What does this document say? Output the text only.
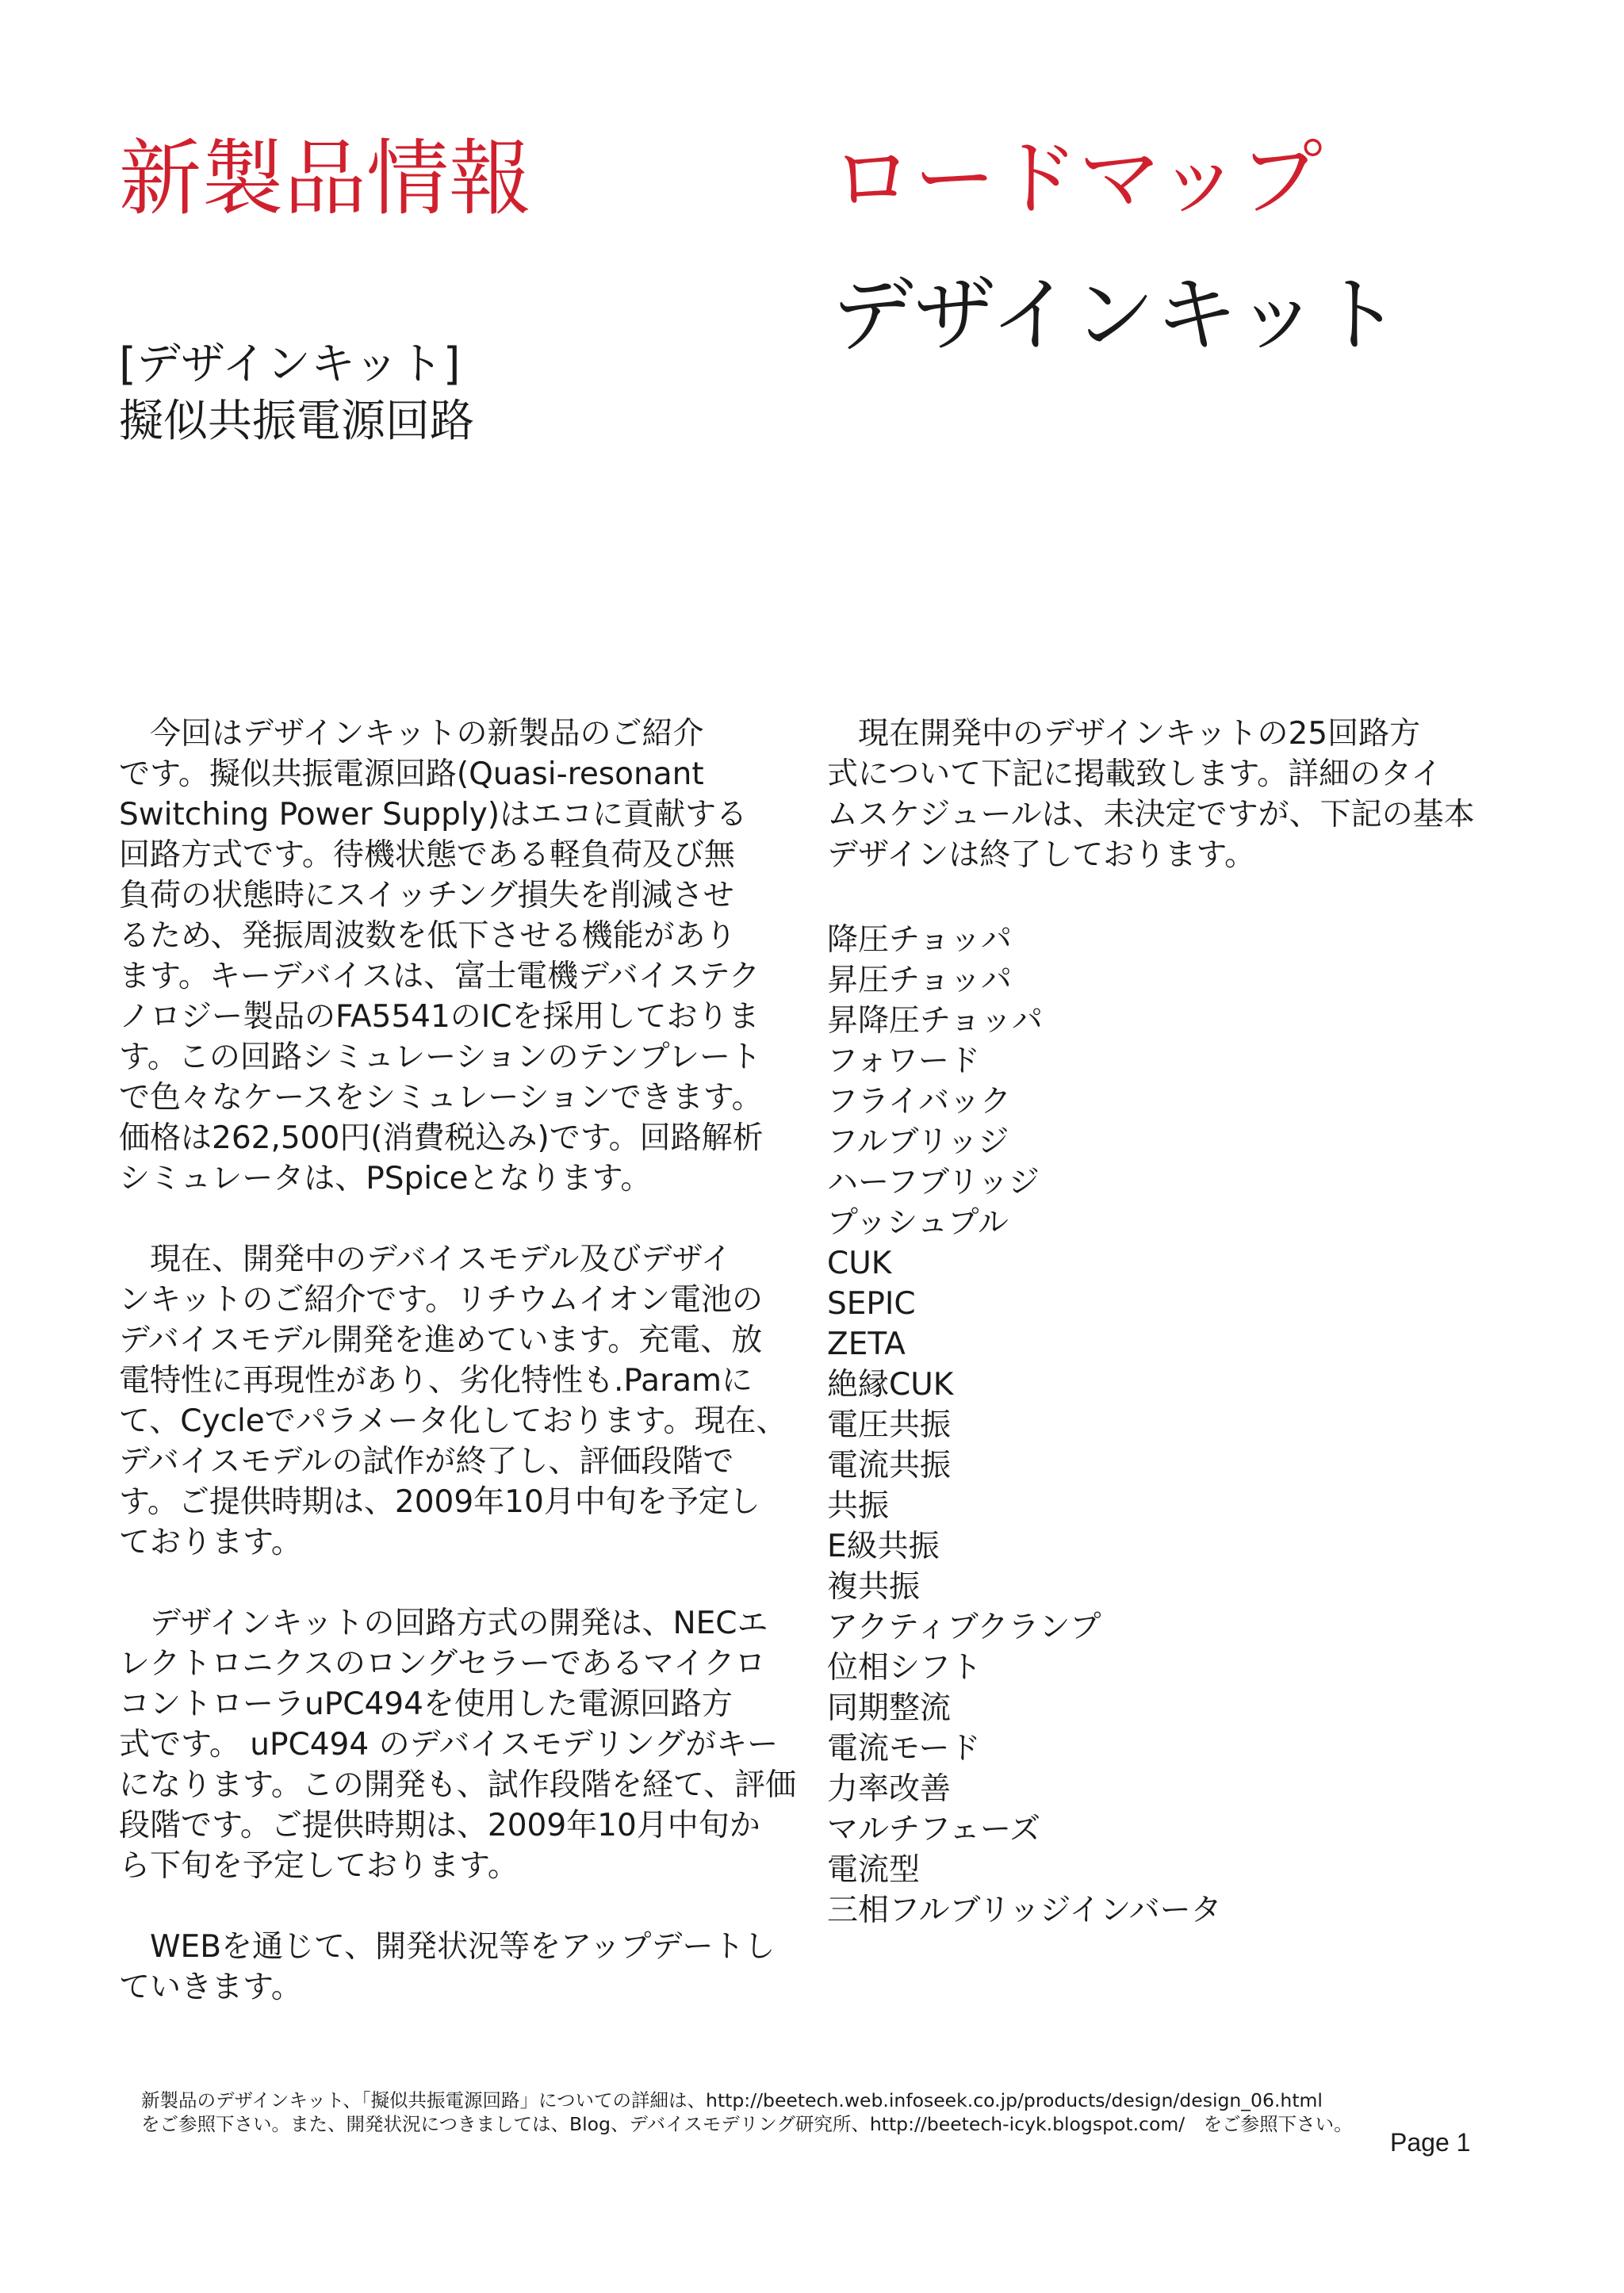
新製品情報	ロードマップ
デザインキット
[デザインキット]
擬似共振電源回路
　今回はデザインキットの新製品のご紹介
です。擬似共振電源回路(Quasi-resonant
Switching Power Supply)はエコに貢献する
回路方式です。待機状態である軽負荷及び無
負荷の状態時にスイッチング損失を削減させ
るため、発振周波数を低下させる機能があり
ます。キーデバイスは、富士電機デバイステク
ノロジー製品のFA5541のICを採用しておりま
す。この回路シミュレーションのテンプレート
で色々なケースをシミュレーションできます。
価格は262,500円(消費税込み)です。回路解析
シミュレータは、PSpiceとなります。
　現在、開発中のデバイスモデル及びデザイ
ンキットのご紹介です。リチウムイオン電池の
デバイスモデル開発を進めています。充電、放
電特性に再現性があり、劣化特性も.Paramに
て、Cycleでパラメータ化しております。現在、
デバイスモデルの試作が終了し、評価段階で
す。ご提供時期は、2009年10月中旬を予定し
ております。
　デザインキットの回路方式の開発は、NECエ
レクトロニクスのロングセラーであるマイクロ
コントローラuPC494を使用した電源回路方
式です。 uPC494 のデバイスモデリングがキー
になります。この開発も、試作段階を経て、評価
段階です。ご提供時期は、2009年10月中旬か
ら下旬を予定しております。
　WEBを通じて、開発状況等をアップデートし
ていきます。
　現在開発中のデザインキットの25回路方
式について下記に掲載致します。詳細のタイ
ムスケジュールは、未決定ですが、下記の基本
デザインは終了しております。
降圧チョッパ
昇圧チョッパ
昇降圧チョッパ
フォワード
フライバック
フルブリッジ
ハーフブリッジ
プッシュプル
CUK
SEPIC
ZETA
絶縁CUK
電圧共振
電流共振
共振
E級共振
複共振
アクティブクランプ
位相シフト
同期整流
電流モード
力率改善
マルチフェーズ
電流型
三相フルブリッジインバータ
新製品のデザインキット、「擬似共振電源回路」についての詳細は、http://beetech.web.infoseek.co.jp/products/design/design_06.html
をご参照下さい。また、開発状況につきましては、Blog、デバイスモデリング研究所、http://beetech-icyk.blogspot.com/　をご参照下さい。
Page 1
